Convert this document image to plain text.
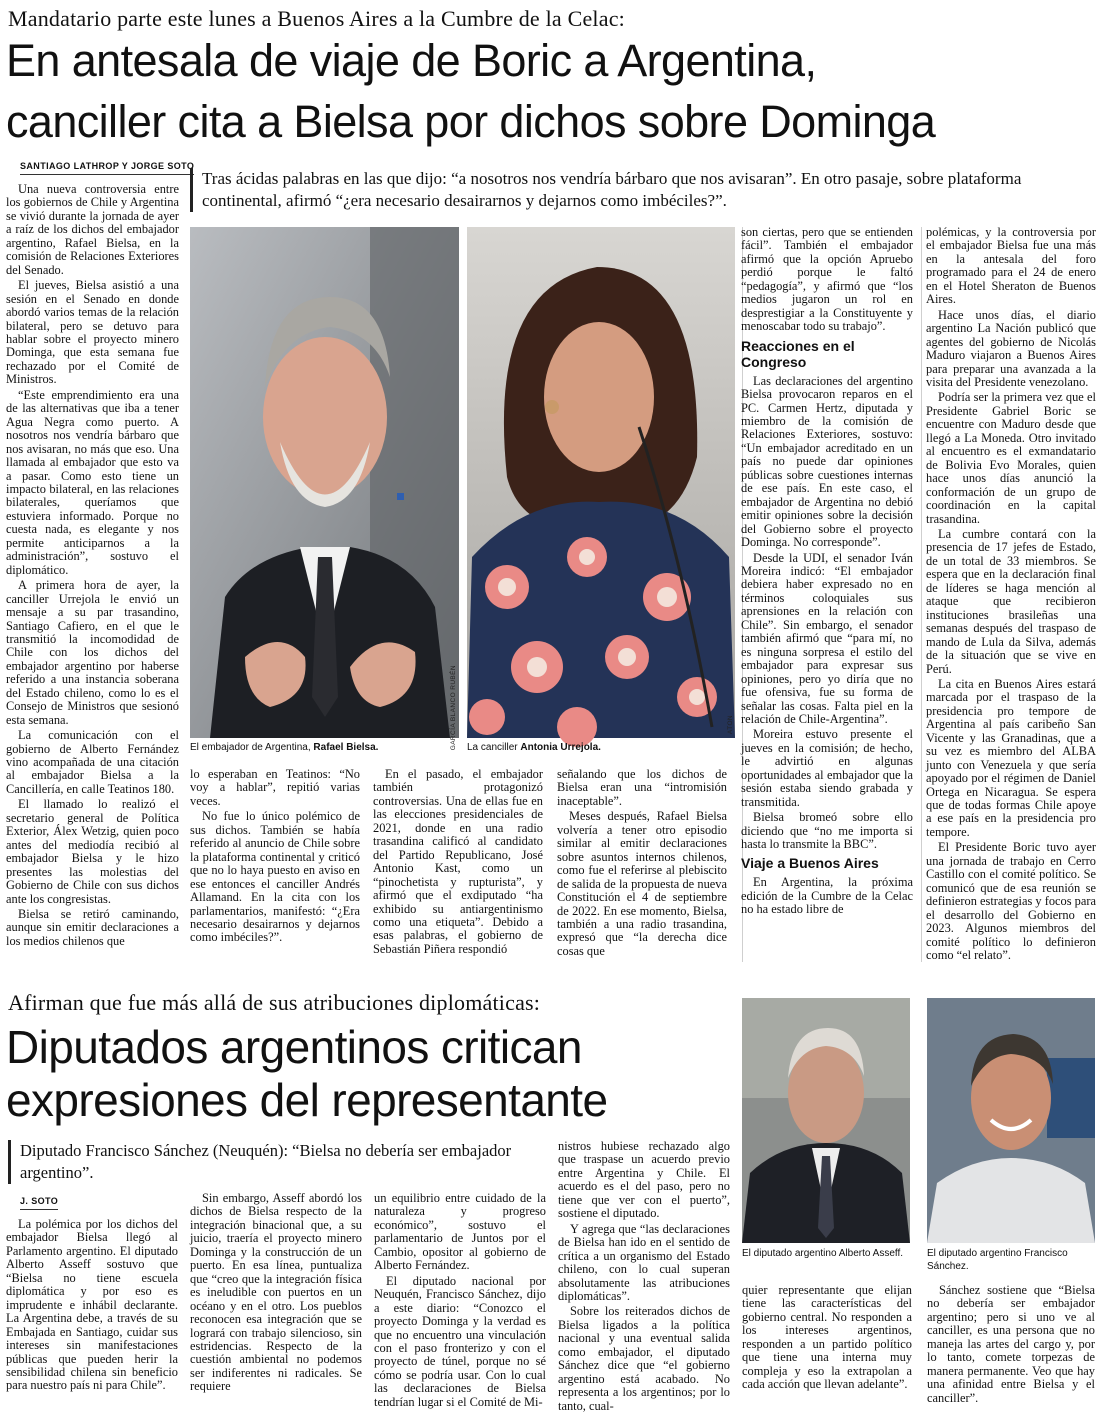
Mandatario parte este lunes a Buenos Aires a la Cumbre de la Celac:
En antesala de viaje de Boric a Argentina,
canciller cita a Bielsa por dichos sobre Dominga
SANTIAGO LATHROP Y JORGE SOTO
Tras ácidas palabras en las que dijo: “a nosotros nos vendría bárbaro que nos avisaran”. En otro pasaje, sobre plataforma continental, afirmó “¿era necesario desairarnos y dejarnos como imbéciles?”.
GARCÍA BLANCO RUBÉN
El embajador de Argentina, Rafael Bielsa.
ATON
La canciller Antonia Urrejola.

Una nueva controversia entre los gobiernos de Chile y Argentina se vivió durante la jornada de ayer a raíz de los dichos del embajador argentino, Rafael Bielsa, en la comisión de Relaciones Exteriores del Senado.

El jueves, Bielsa asistió a una sesión en el Senado en donde abordó varios temas de la relación bilateral, pero se detuvo para hablar sobre el proyecto minero Dominga, que esta semana fue rechazado por el Comité de Ministros.

“Este emprendimiento era una de las alternativas que iba a tener Agua Negra como puerto. A nosotros nos vendría bárbaro que nos avisaran, no más que eso. Una llamada al embajador que esto va a pasar. Como esto tiene un impacto bilateral, en las relaciones bilaterales, queríamos que estuviera informado. Porque no cuesta nada, es elegante y nos permite anticiparnos a la administración”, sostuvo el diplomático.

A primera hora de ayer, la canciller Urrejola le envió un mensaje a su par trasandino, Santiago Cafiero, en el que le transmitió la incomodidad de Chile con los dichos del embajador argentino por haberse referido a una instancia soberana del Estado chileno, como lo es el Consejo de Ministros que sesionó esta semana.

La comunicación con el gobierno de Alberto Fernández vino acompañada de una citación al embajador Bielsa a la Cancillería, en calle Teatinos 180.

El llamado lo realizó el secretario general de Política Exterior, Álex Wetzig, quien poco antes del mediodía recibió al embajador Bielsa y le hizo presentes las molestias del Gobierno de Chile con sus dichos ante los congresistas.

Bielsa se retiró caminando, aunque sin emitir declaraciones a los medios chilenos que

lo esperaban en Teatinos: “No voy a hablar”, repitió varias veces.

No fue lo único polémico de sus dichos. También se había referido al anuncio de Chile sobre la plataforma continental y criticó que no lo haya puesto en aviso en ese entonces el canciller Andrés Allamand. En la cita con los parlamentarios, manifestó: “¿Era necesario desairarnos y dejarnos como imbéciles?”.

En el pasado, el embajador también protagonizó controversias. Una de ellas fue en las elecciones presidenciales de 2021, donde en una radio trasandina calificó al candidato del Partido Republicano, José Antonio Kast, como un “pinochetista y rupturista”, y afirmó que el exdiputado “ha exhibido su antiargentinismo como una etiqueta”. Debido a esas palabras, el gobierno de Sebastián Piñera respondió

señalando que los dichos de Bielsa eran una “intromisión inaceptable”.

Meses después, Rafael Bielsa volvería a tener otro episodio similar al emitir declaraciones sobre asuntos internos chilenos, como fue el referirse al plebiscito de salida de la propuesta de nueva Constitución el 4 de septiembre de 2022. En ese momento, Bielsa, también a una radio trasandina, expresó que “la derecha dice cosas que

son ciertas, pero que se entienden fácil”. También el embajador afirmó que la opción Apruebo perdió porque le faltó “pedagogía”, y afirmó que “los medios jugaron un rol en desprestigiar a la Constituyente y menoscabar todo su trabajo”.

Reacciones en el Congreso

Las declaraciones del argentino Bielsa provocaron reparos en el PC. Carmen Hertz, diputada y miembro de la comisión de Relaciones Exteriores, sostuvo: “Un embajador acreditado en un país no puede dar opiniones públicas sobre cuestiones internas de ese país. En este caso, el embajador de Argentina no debió emitir opiniones sobre la decisión del Gobierno sobre el proyecto Dominga. No corresponde”.

Desde la UDI, el senador Iván Moreira indicó: “El embajador debiera haber expresado no en términos coloquiales sus aprensiones en la relación con Chile”. Sin embargo, el senador también afirmó que “para mí, no es ninguna sorpresa el estilo del embajador para expresar sus opiniones, pero yo diría que no fue ofensiva, fue su forma de señalar las cosas. Falta piel en la relación de Chile-Argentina”.

Moreira estuvo presente el jueves en la comisión; de hecho, le advirtió en algunas oportunidades al embajador que la sesión estaba siendo grabada y transmitida.

Bielsa bromeó sobre ello diciendo que “no me importa si hasta lo transmite la BBC”.

Viaje a Buenos Aires

En Argentina, la próxima edición de la Cumbre de la Celac no ha estado libre de

polémicas, y la controversia por el embajador Bielsa fue una más en la antesala del foro programado para el 24 de enero en el Hotel Sheraton de Buenos Aires.

Hace unos días, el diario argentino La Nación publicó que agentes del gobierno de Nicolás Maduro viajaron a Buenos Aires para preparar una avanzada a la visita del Presidente venezolano.

Podría ser la primera vez que el Presidente Gabriel Boric se encuentre con Maduro desde que llegó a La Moneda. Otro invitado al encuentro es el exmandatario de Bolivia Evo Morales, quien hace unos días anunció la conformación de un grupo de coordinación en la capital trasandina.

La cumbre contará con la presencia de 17 jefes de Estado, de un total de 33 miembros. Se espera que en la declaración final de líderes se haga mención al ataque que recibieron instituciones brasileñas una semanas después del traspaso de mando de Lula da Silva, además de la situación que se vive en Perú.

La cita en Buenos Aires estará marcada por el traspaso de la presidencia pro tempore de Argentina al país caribeño San Vicente y las Granadinas, que a su vez es miembro del ALBA junto con Venezuela y que sería apoyado por el régimen de Daniel Ortega en Nicaragua. Se espera que de todas formas Chile apoye a ese país en la presidencia pro tempore.

El Presidente Boric tuvo ayer una jornada de trabajo en Cerro Castillo con el comité político. Se comunicó que de esa reunión se definieron estrategias y focos para el desarrollo del Gobierno en 2023. Algunos miembros del comité político lo definieron como “el relato”.

Afirman que fue más allá de sus atribuciones diplomáticas:
Diputados argentinos critican
expresiones del representante
Diputado Francisco Sánchez (Neuquén): “Bielsa no debería ser embajador argentino”.
J. SOTO
El diputado argentino Alberto Asseff.	El diputado argentino Francisco Sánchez.

La polémica por los dichos del embajador Bielsa llegó al Parlamento argentino. El diputado Alberto Asseff sostuvo que “Bielsa no tiene escuela diplomática y por eso es imprudente e inhábil declarante. La Argentina debe, a través de su Embajada en Santiago, cuidar sus intereses sin manifestaciones públicas que pueden herir la sensibilidad chilena sin beneficio para nuestro país ni para Chile”.

Sin embargo, Asseff abordó los dichos de Bielsa respecto de la integración binacional que, a su juicio, traería el proyecto minero Dominga y la construcción de un puerto. En esa línea, puntualiza que “creo que la integración física es ineludible con puertos en un océano y en el otro. Los pueblos reconocen esa integración que se logrará con trabajo silencioso, sin estridencias. Respecto de la cuestión ambiental no podemos ser indiferentes ni radicales. Se requiere

un equilibrio entre cuidado de la naturaleza y progreso económico”, sostuvo el parlamentario de Juntos por el Cambio, opositor al gobierno de Alberto Fernández.

El diputado nacional por Neuquén, Francisco Sánchez, dijo a este diario: “Conozco el proyecto Dominga y la verdad es que no encuentro una vinculación con el paso fronterizo y con el proyecto de túnel, porque no sé cómo se podría usar. Con lo cual las declaraciones de Bielsa tendrían lugar si el Comité de Mi-

nistros hubiese rechazado algo que traspase un acuerdo previo entre Argentina y Chile. El acuerdo es el del paso, pero no tiene que ver con el puerto”, sostiene el diputado.

Y agrega que “las declaraciones de Bielsa han ido en el sentido de crítica a un organismo del Estado chileno, con lo cual superan absolutamente las atribuciones diplomáticas”.

Sobre los reiterados dichos de Bielsa ligados a la política nacional y una eventual salida como embajador, el diputado Sánchez dice que “el gobierno argentino está acabado. No representa a los argentinos; por lo tanto, cual-

quier representante que elijan tiene las características del gobierno central. No responden a los intereses argentinos, responden a un partido político que tiene una interna muy compleja y eso la extrapolan a cada acción que llevan adelante”.

Sánchez sostiene que “Bielsa no debería ser embajador argentino; pero si uno ve al canciller, es una persona que no maneja las artes del cargo y, por lo tanto, comete torpezas de manera permanente. Veo que hay una afinidad entre Bielsa y el canciller”.
